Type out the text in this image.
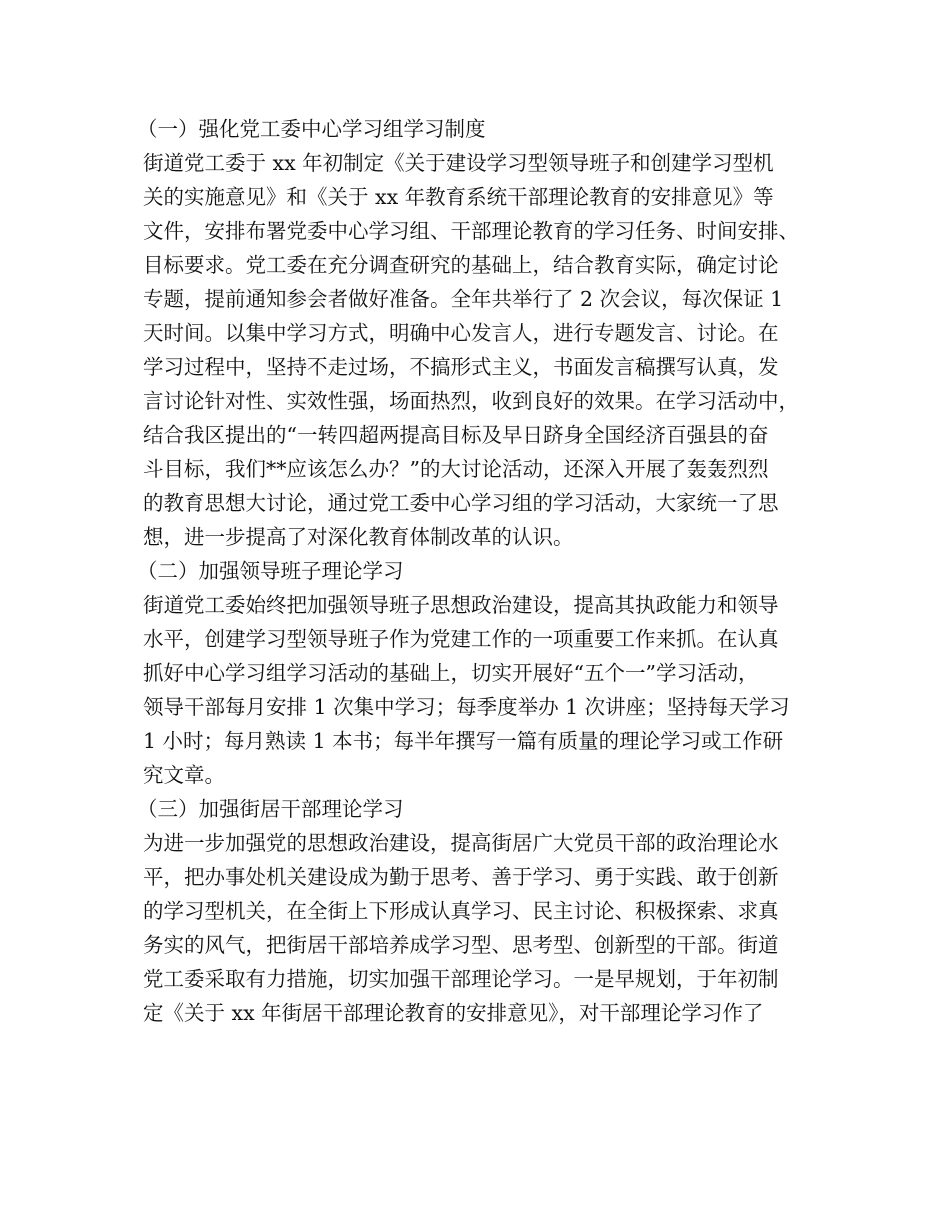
（一）强化党工委中心学习组学习制度
街道党工委于 xx 年初制定《关于建设学习型领导班子和创建学习型机
关的实施意见》和《关于 xx 年教育系统干部理论教育的安排意见》等
文件，安排布署党委中心学习组、干部理论教育的学习任务、时间安排、
目标要求。党工委在充分调查研究的基础上，结合教育实际，确定讨论
专题，提前通知参会者做好准备。全年共举行了 2 次会议，每次保证 1
天时间。以集中学习方式，明确中心发言人，进行专题发言、讨论。在
学习过程中，坚持不走过场，不搞形式主义，书面发言稿撰写认真，发
言讨论针对性、实效性强，场面热烈，收到良好的效果。在学习活动中，
结合我区提出的“一转四超两提高目标及早日跻身全国经济百强县的奋
斗目标，我们**应该怎么办？”的大讨论活动，还深入开展了轰轰烈烈
的教育思想大讨论，通过党工委中心学习组的学习活动，大家统一了思
想，进一步提高了对深化教育体制改革的认识。
（二）加强领导班子理论学习
街道党工委始终把加强领导班子思想政治建设，提高其执政能力和领导
水平，创建学习型领导班子作为党建工作的一项重要工作来抓。在认真
抓好中心学习组学习活动的基础上，切实开展好“五个一”学习活动，
领导干部每月安排 1 次集中学习；每季度举办 1 次讲座；坚持每天学习
1 小时；每月熟读 1 本书；每半年撰写一篇有质量的理论学习或工作研
究文章。
（三）加强街居干部理论学习
为进一步加强党的思想政治建设，提高街居广大党员干部的政治理论水
平，把办事处机关建设成为勤于思考、善于学习、勇于实践、敢于创新
的学习型机关，在全街上下形成认真学习、民主讨论、积极探索、求真
务实的风气，把街居干部培养成学习型、思考型、创新型的干部。街道
党工委采取有力措施，切实加强干部理论学习。一是早规划，于年初制
定《关于 xx 年街居干部理论教育的安排意见》，对干部理论学习作了
